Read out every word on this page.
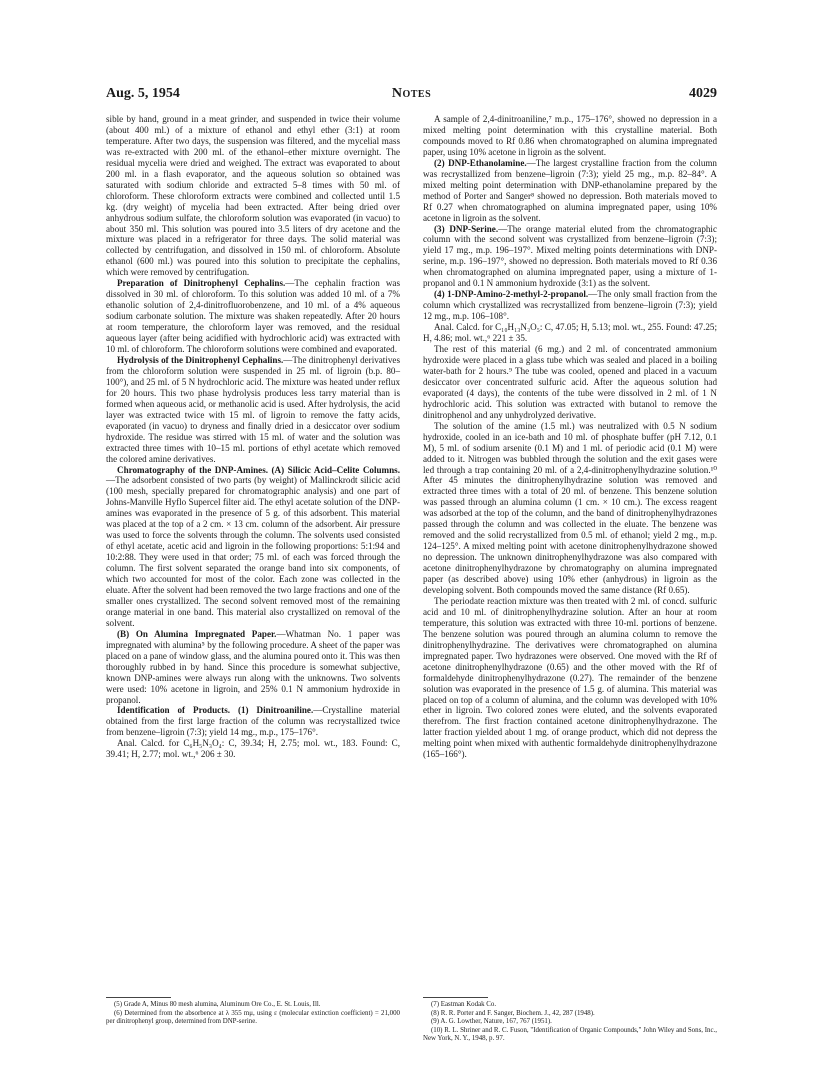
Aug. 5, 1954	Notes	4029

sible by hand, ground in a meat grinder, and suspended in twice their volume (about 400 ml.) of a mixture of ethanol and ethyl ether (3:1) at room temperature. After two days, the suspension was filtered, and the mycelial mass was re-extracted with 200 ml. of the ethanol–ether mixture overnight. The residual mycelia were dried and weighed. The extract was evaporated to about 200 ml. in a flash evaporator, and the aqueous solution so obtained was saturated with sodium chloride and extracted 5–8 times with 50 ml. of chloroform. These chloroform extracts were combined and collected until 1.5 kg. (dry weight) of mycelia had been extracted. After being dried over anhydrous sodium sulfate, the chloroform solution was evaporated (in vacuo) to about 350 ml. This solution was poured into 3.5 liters of dry acetone and the mixture was placed in a refrigerator for three days. The solid material was collected by centrifugation, and dissolved in 150 ml. of chloroform. Absolute ethanol (600 ml.) was poured into this solution to precipitate the cephalins, which were removed by centrifugation.

Preparation of Dinitrophenyl Cephalins.—The cephalin fraction was dissolved in 30 ml. of chloroform. To this solution was added 10 ml. of a 7% ethanolic solution of 2,4-dinitrofluorobenzene, and 10 ml. of a 4% aqueous sodium carbonate solution. The mixture was shaken repeatedly. After 20 hours at room temperature, the chloroform layer was removed, and the residual aqueous layer (after being acidified with hydrochloric acid) was extracted with 10 ml. of chloroform. The chloroform solutions were combined and evaporated.

Hydrolysis of the Dinitrophenyl Cephalins.—The dinitrophenyl derivatives from the chloroform solution were suspended in 25 ml. of ligroin (b.p. 80–100°), and 25 ml. of 5 N hydrochloric acid. The mixture was heated under reflux for 20 hours. This two phase hydrolysis produces less tarry material than is formed when aqueous acid, or methanolic acid is used. After hydrolysis, the acid layer was extracted twice with 15 ml. of ligroin to remove the fatty acids, evaporated (in vacuo) to dryness and finally dried in a desiccator over sodium hydroxide. The residue was stirred with 15 ml. of water and the solution was extracted three times with 10–15 ml. portions of ethyl acetate which removed the colored amine derivatives.

Chromatography of the DNP-Amines. (A) Silicic Acid–Celite Columns.—The adsorbent consisted of two parts (by weight) of Mallinckrodt silicic acid (100 mesh, specially prepared for chromatographic analysis) and one part of Johns-Manville Hyflo Supercel filter aid. The ethyl acetate solution of the DNP-amines was evaporated in the presence of 5 g. of this adsorbent. This material was placed at the top of a 2 cm. × 13 cm. column of the adsorbent. Air pressure was used to force the solvents through the column. The solvents used consisted of ethyl acetate, acetic acid and ligroin in the following proportions: 5:1:94 and 10:2:88. They were used in that order; 75 ml. of each was forced through the column. The first solvent separated the orange band into six components, of which two accounted for most of the color. Each zone was collected in the eluate. After the solvent had been removed the two large fractions and one of the smaller ones crystallized. The second solvent removed most of the remaining orange material in one band. This material also crystallized on removal of the solvent.

(B) On Alumina Impregnated Paper.—Whatman No. 1 paper was impregnated with alumina⁵ by the following procedure. A sheet of the paper was placed on a pane of window glass, and the alumina poured onto it. This was then thoroughly rubbed in by hand. Since this procedure is somewhat subjective, known DNP-amines were always run along with the unknowns. Two solvents were used: 10% acetone in ligroin, and 25% 0.1 N ammonium hydroxide in propanol.

Identification of Products. (1) Dinitroaniline.—Crystalline material obtained from the first large fraction of the column was recrystallized twice from benzene–ligroin (7:3); yield 14 mg., m.p., 175–176°.

Anal. Calcd. for C₆H₅N₃O₄: C, 39.34; H, 2.75; mol. wt., 183. Found: C, 39.41; H, 2.77; mol. wt.,⁶ 206 ± 30.

A sample of 2,4-dinitroaniline,⁷ m.p., 175–176°, showed no depression in a mixed melting point determination with this crystalline material. Both compounds moved to Rf 0.86 when chromatographed on alumina impregnated paper, using 10% acetone in ligroin as the solvent.

(2) DNP-Ethanolamine.—The largest crystalline fraction from the column was recrystallized from benzene–ligroin (7:3); yield 25 mg., m.p. 82–84°. A mixed melting point determination with DNP-ethanolamine prepared by the method of Porter and Sanger⁸ showed no depression. Both materials moved to Rf 0.27 when chromatographed on alumina impregnated paper, using 10% acetone in ligroin as the solvent.

(3) DNP-Serine.—The orange material eluted from the chromatographic column with the second solvent was crystallized from benzene–ligroin (7:3); yield 17 mg., m.p. 196–197°. Mixed melting points determinations with DNP-serine, m.p. 196–197°, showed no depression. Both materials moved to Rf 0.36 when chromatographed on alumina impregnated paper, using a mixture of 1-propanol and 0.1 N ammonium hydroxide (3:1) as the solvent.

(4) 1-DNP-Amino-2-methyl-2-propanol.—The only small fraction from the column which crystallized was recrystallized from benzene–ligroin (7:3); yield 12 mg., m.p. 106–108°.

Anal. Calcd. for C₁₀H₁₃N₃O₅: C, 47.05; H, 5.13; mol. wt., 255. Found: 47.25; H, 4.86; mol. wt.,⁶ 221 ± 35.

The rest of this material (6 mg.) and 2 ml. of concentrated ammonium hydroxide were placed in a glass tube which was sealed and placed in a boiling water-bath for 2 hours.⁹ The tube was cooled, opened and placed in a vacuum desiccator over concentrated sulfuric acid. After the aqueous solution had evaporated (4 days), the contents of the tube were dissolved in 2 ml. of 1 N hydrochloric acid. This solution was extracted with butanol to remove the dinitrophenol and any unhydrolyzed derivative.

The solution of the amine (1.5 ml.) was neutralized with 0.5 N sodium hydroxide, cooled in an ice-bath and 10 ml. of phosphate buffer (pH 7.12, 0.1 M), 5 ml. of sodium arsenite (0.1 M) and 1 ml. of periodic acid (0.1 M) were added to it. Nitrogen was bubbled through the solution and the exit gases were led through a trap containing 20 ml. of a 2,4-dinitrophenylhydrazine solution.¹⁰ After 45 minutes the dinitrophenylhydrazine solution was removed and extracted three times with a total of 20 ml. of benzene. This benzene solution was passed through an alumina column (1 cm. × 10 cm.). The excess reagent was adsorbed at the top of the column, and the band of dinitrophenylhydrazones passed through the column and was collected in the eluate. The benzene was removed and the solid recrystallized from 0.5 ml. of ethanol; yield 2 mg., m.p. 124–125°. A mixed melting point with acetone dinitrophenylhydrazone showed no depression. The unknown dinitrophenylhydrazone was also compared with acetone dinitrophenylhydrazone by chromatography on alumina impregnated paper (as described above) using 10% ether (anhydrous) in ligroin as the developing solvent. Both compounds moved the same distance (Rf 0.65).

The periodate reaction mixture was then treated with 2 ml. of concd. sulfuric acid and 10 ml. of dinitrophenylhydrazine solution. After an hour at room temperature, this solution was extracted with three 10-ml. portions of benzene. The benzene solution was poured through an alumina column to remove the dinitrophenylhydrazine. The derivatives were chromatographed on alumina impregnated paper. Two hydrazones were observed. One moved with the Rf of acetone dinitrophenylhydrazone (0.65) and the other moved with the Rf of formaldehyde dinitrophenylhydrazone (0.27). The remainder of the benzene solution was evaporated in the presence of 1.5 g. of alumina. This material was placed on top of a column of alumina, and the column was developed with 10% ether in ligroin. Two colored zones were eluted, and the solvents evaporated therefrom. The first fraction contained acetone dinitrophenylhydrazone. The latter fraction yielded about 1 mg. of orange product, which did not depress the melting point when mixed with authentic formaldehyde dinitrophenylhydrazone (165–166°).

(5) Grade A, Minus 80 mesh alumina, Aluminum Ore Co., E. St. Louis, Ill.

(6) Determined from the absorbence at λ 355 mμ, using ε (molecular extinction coefficient) = 21,000 per dinitrophenyl group, determined from DNP-serine.

(7) Eastman Kodak Co.

(8) R. R. Porter and F. Sanger, Biochem. J., 42, 287 (1948).

(9) A. G. Lowther, Nature, 167, 767 (1951).

(10) R. L. Shriner and R. C. Fuson, "Identification of Organic Compounds," John Wiley and Sons, Inc., New York, N. Y., 1948, p. 97.
